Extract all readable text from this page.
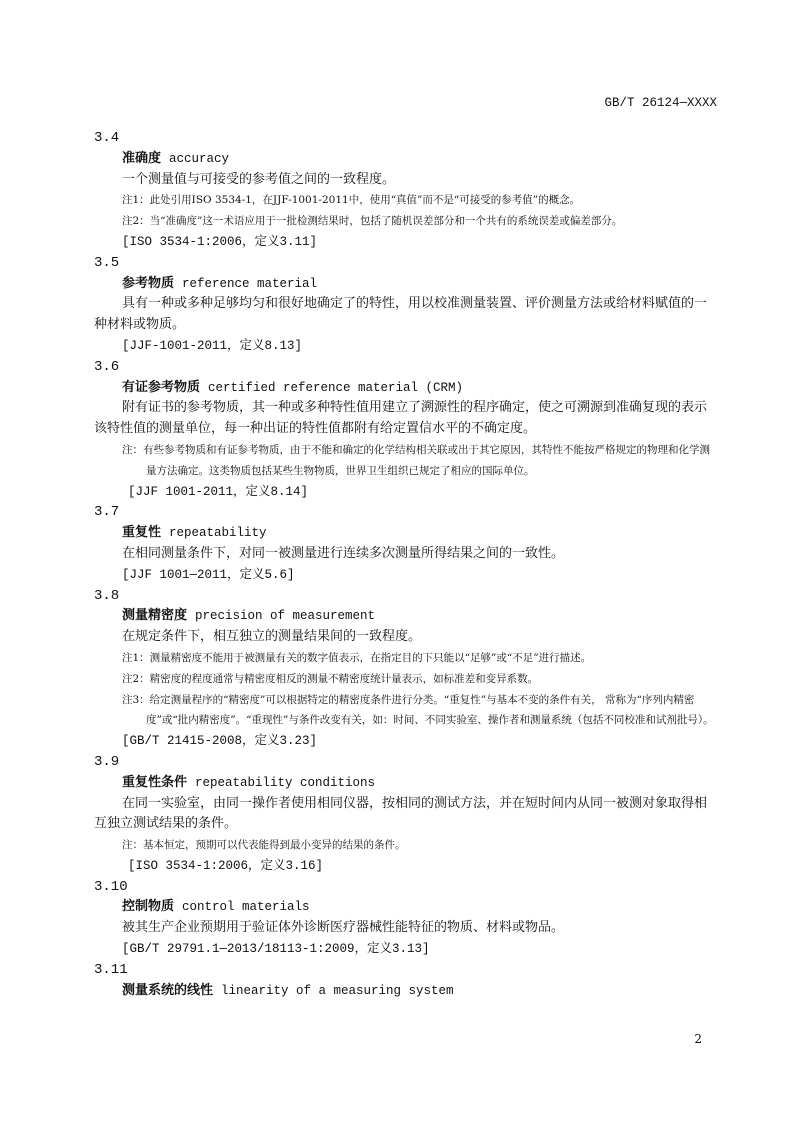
GB/T 26124—XXXX
3.4
准确度 accuracy

一个测量值与可接受的参考值之间的一致程度。

注1：此处引用ISO 3534-1，在JJF-1001-2011中，使用“真值”而不是“可接受的参考值”的概念。

注2：当“准确度”这一术语应用于一批检测结果时，包括了随机误差部分和一个共有的系统误差或偏差部分。

[ISO 3534-1:2006，定义3.11]
3.5
参考物质 reference material

具有一种或多种足够均匀和很好地确定了的特性，用以校准测量装置、评价测量方法或给材料赋值的一种材料或物质。

[JJF-1001-2011，定义8.13]
3.6
有证参考物质 certified reference material (CRM)

附有证书的参考物质，其一种或多种特性值用建立了溯源性的程序确定，使之可溯源到准确复现的表示该特性值的测量单位，每一种出证的特性值都附有给定置信水平的不确定度。

注：有些参考物质和有证参考物质，由于不能和确定的化学结构相关联或出于其它原因，其特性不能按严格规定的物理和化学测量方法确定。这类物质包括某些生物物质，世界卫生组织已规定了相应的国际单位。

[JJF 1001-2011，定义8.14]
3.7
重复性 repeatability

在相同测量条件下，对同一被测量进行连续多次测量所得结果之间的一致性。

[JJF 1001—2011，定义5.6]
3.8
测量精密度 precision of measurement

在规定条件下，相互独立的测量结果间的一致程度。

注1：测量精密度不能用于被测量有关的数字值表示，在指定目的下只能以“足够”或“不足”进行描述。

注2：精密度的程度通常与精密度相反的测量不精密度统计量表示，如标准差和变异系数。

注3：给定测量程序的“精密度”可以根据特定的精密度条件进行分类。“重复性”与基本不变的条件有关， 常称为“序列内精密度”或“批内精密度”。“重现性”与条件改变有关，如：时间、不同实验室、操作者和测量系统（包括不同校准和试剂批号）。

[GB/T 21415-2008，定义3.23]
3.9
重复性条件 repeatability conditions

在同一实验室，由同一操作者使用相同仪器，按相同的测试方法，并在短时间内从同一被测对象取得相互独立测试结果的条件。

注：基本恒定，预期可以代表能得到最小变异的结果的条件。

[ISO 3534-1:2006，定义3.16]
3.10
控制物质 control materials

被其生产企业预期用于验证体外诊断医疗器械性能特征的物质、材料或物品。

[GB/T 29791.1—2013/18113-1:2009，定义3.13]
3.11
测量系统的线性 linearity of a measuring system
2
